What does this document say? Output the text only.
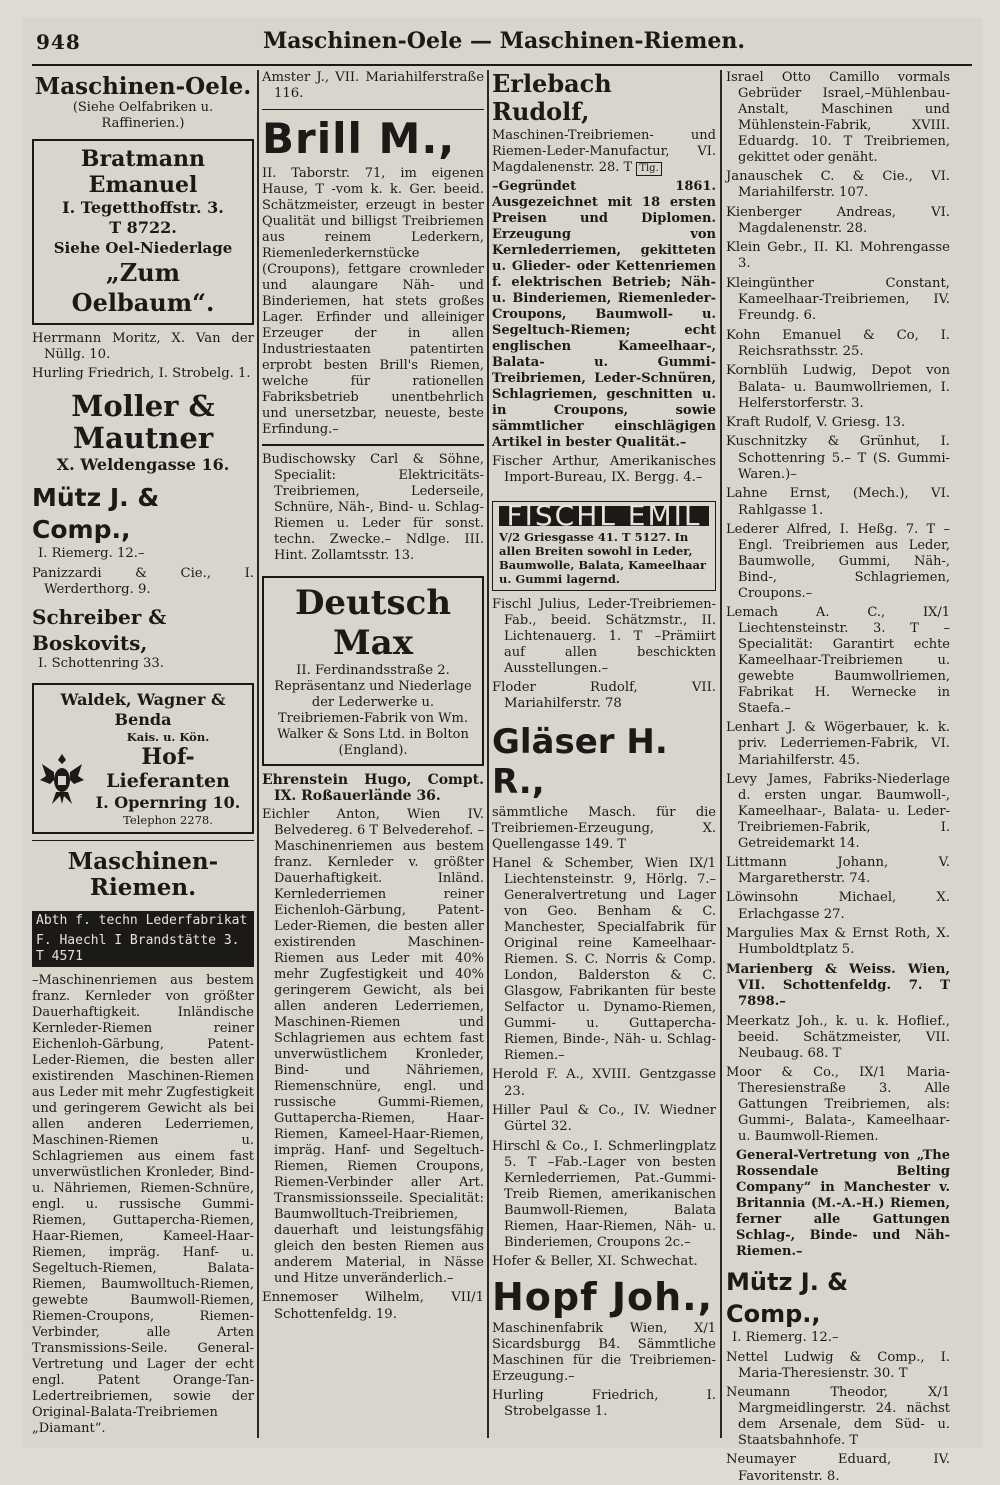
948	Maschinen-Oele — Maschinen-Riemen.
Maschinen-Oele.
(Siehe Oelfabriken u. Raffinerien.)
Bratmann Emanuel
I. Tegetthoffstr. 3.
T 8722.
Siehe Oel-Niederlage
„Zum Oelbaum“.
Herrmann Moritz, X. Van der Nüllg. 10.
Hurling Friedrich, I. Strobelg. 1.
Moller & Mautner
X. Weldengasse 16.
Mütz J. & Comp.,
I. Riemerg. 12.–
Panizzardi & Cie., I. Werderthorg. 9.
Schreiber & Boskovits,
I. Schottenring 33.
Waldek, Wagner & Benda
Kais. u. Kön.
Hof-
Lieferanten
I. Opernring 10.
Telephon 2278.
Maschinen-Riemen.
Abth f. techn Lederfabrikat
F. Haechl I Brandstätte 3. T 4571
–Maschinenriemen aus bestem franz. Kernleder von größter Dauerhaftigkeit. Inländische Kernleder-Riemen reiner Eichenloh-Gärbung, Patent-Leder-Riemen, die besten aller existirenden Maschinen-Riemen aus Leder mit mehr Zugfestigkeit und geringerem Gewicht als bei allen anderen Lederriemen, Maschinen-Riemen u. Schlagriemen aus einem fast unverwüstlichen Kronleder, Bind- u. Nähriemen, Riemen-Schnüre, engl. u. russische Gummi-Riemen, Guttapercha-Riemen, Haar-Riemen, Kameel-Haar-Riemen, impräg. Hanf- u. Segeltuch-Riemen, Balata-Riemen, Baumwolltuch-Riemen, gewebte Baumwoll-Riemen, Riemen-Croupons, Riemen-Verbinder, alle Arten Transmissions-Seile. General-Vertretung und Lager der echt engl. Patent Orange-Tan-Ledertreibriemen, sowie der Original-Balata-Treibriemen „Diamant“.
Amster J., VII. Mariahilferstraße 116.
Brill M.,
II. Taborstr. 71, im eigenen Hause, T -vom k. k. Ger. beeid. Schätzmeister, erzeugt in bester Qualität und billigst Treibriemen aus reinem Lederkern, Riemenlederkernstücke (Croupons), fettgare crownleder und alaungare Näh- und Binderiemen, hat stets großes Lager. Erfinder und alleiniger Erzeuger der in allen Industriestaaten patentirten erprobt besten Brill's Riemen, welche für rationellen Fabriksbetrieb unentbehrlich und unersetzbar, neueste, beste Erfindung.–
Budischowsky Carl & Söhne, Specialit: Elektricitäts-Treibriemen, Lederseile, Schnüre, Näh-, Bind- u. Schlag-Riemen u. Leder für sonst. techn. Zwecke.– Ndlge. III. Hint. Zollamtsstr. 13.
Deutsch Max
II. Ferdinandsstraße 2.
Repräsentanz und Niederlage der Lederwerke u. Treibriemen-Fabrik von Wm. Walker & Sons Ltd. in Bolton (England).
Ehrenstein Hugo, Compt. IX. Roßauerlände 36.
Eichler Anton, Wien IV. Belvedereg. 6 T Belvederehof. –Maschinenriemen aus bestem franz. Kernleder v. größter Dauerhaftigkeit. Inländ. Kernlederriemen reiner Eichenloh-Gärbung, Patent-Leder-Riemen, die besten aller existirenden Maschinen-Riemen aus Leder mit 40% mehr Zugfestigkeit und 40% geringerem Gewicht, als bei allen anderen Lederriemen, Maschinen-Riemen und Schlagriemen aus echtem fast unverwüstlichem Kronleder, Bind- und Nähriemen, Riemenschnüre, engl. und russische Gummi-Riemen, Guttapercha-Riemen, Haar-Riemen, Kameel-Haar-Riemen, impräg. Hanf- und Segeltuch-Riemen, Riemen Croupons, Riemen-Verbinder aller Art. Transmissionsseile. Specialität: Baumwolltuch-Treibriemen, dauerhaft und leistungsfähig gleich den besten Riemen aus anderem Material, in Nässe und Hitze unveränderlich.–
Ennemoser Wilhelm, VII/1 Schottenfeldg. 19.
Erlebach Rudolf,
Maschinen-Treibriemen- und Riemen-Leder-Manufactur, VI. Magdalenenstr. 28. T Tlg.
–Gegründet 1861. Ausgezeichnet mit 18 ersten Preisen und Diplomen. Erzeugung von Kernlederriemen, gekitteten u. Glieder- oder Kettenriemen f. elektrischen Betrieb; Näh- u. Binderiemen, Riemenleder-Croupons, Baumwoll- u. Segeltuch-Riemen; echt englischen Kameelhaar-, Balata- u. Gummi-Treibriemen, Leder-Schnüren, Schlagriemen, geschnitten u. in Croupons, sowie sämmtlicher einschlägigen Artikel in bester Qualität.–
Fischer Arthur, Amerikanisches Import-Bureau, IX. Bergg. 4.–
FISCHL EMIL
V/2 Griesgasse 41. T 5127. In allen Breiten sowohl in Leder, Baumwolle, Balata, Kameelhaar u. Gummi lagernd.
Fischl Julius, Leder-Treibriemen-Fab., beeid. Schätzmstr., II. Lichtenauerg. 1. T –Prämiirt auf allen beschickten Ausstellungen.–
Floder Rudolf, VII. Mariahilferstr. 78
Gläser H. R.,
sämmtliche Masch. für die Treibriemen-Erzeugung, X. Quellengasse 149. T
Hanel & Schember, Wien IX/1 Liechtensteinstr. 9, Hörlg. 7.–Generalvertretung und Lager von Geo. Benham & C. Manchester, Specialfabrik für Original reine Kameelhaar-Riemen. S. C. Norris & Comp. London, Balderston & C. Glasgow, Fabrikanten für beste Selfactor u. Dynamo-Riemen, Gummi- u. Guttapercha-Riemen, Binde-, Näh- u. Schlag-Riemen.–
Herold F. A., XVIII. Gentzgasse 23.
Hiller Paul & Co., IV. Wiedner Gürtel 32.
Hirschl & Co., I. Schmerlingplatz 5. T –Fab.-Lager von besten Kernlederriemen, Pat.-Gummi-Treib Riemen, amerikanischen Baumwoll-Riemen, Balata Riemen, Haar-Riemen, Näh- u. Binderiemen, Croupons 2c.–
Hofer & Beller, XI. Schwechat.
Hopf Joh.,
Maschinenfabrik Wien, X/1 Sicardsburgg B4. Sämmtliche Maschinen für die Treibriemen-Erzeugung.–
Hurling Friedrich, I. Strobelgasse 1.
Israel Otto Camillo vormals Gebrüder Israel,–Mühlenbau-Anstalt, Maschinen und Mühlenstein-Fabrik, XVIII. Eduardg. 10. T Treibriemen, gekittet oder genäht.
Janauschek C. & Cie., VI. Mariahilferstr. 107.
Kienberger Andreas, VI. Magdalenenstr. 28.
Klein Gebr., II. Kl. Mohrengasse 3.
Kleingünther Constant, Kameelhaar-Treibriemen, IV. Freundg. 6.
Kohn Emanuel & Co, I. Reichsrathsstr. 25.
Kornblüh Ludwig, Depot von Balata- u. Baumwollriemen, I. Helferstorferstr. 3.
Kraft Rudolf, V. Griesg. 13.
Kuschnitzky & Grünhut, I. Schottenring 5.– T (S. Gummi-Waren.)–
Lahne Ernst, (Mech.), VI. Rahlgasse 1.
Lederer Alfred, I. Heßg. 7. T –Engl. Treibriemen aus Leder, Baumwolle, Gummi, Näh-, Bind-, Schlagriemen, Croupons.–
Lemach A. C., IX/1 Liechtensteinstr. 3. T –Specialität: Garantirt echte Kameelhaar-Treibriemen u. gewebte Baumwollriemen, Fabrikat H. Wernecke in Staefa.–
Lenhart J. & Wögerbauer, k. k. priv. Lederriemen-Fabrik, VI. Mariahilferstr. 45.
Levy James, Fabriks-Niederlage d. ersten ungar. Baumwoll-, Kameelhaar-, Balata- u. Leder-Treibriemen-Fabrik, I. Getreidemarkt 14.
Littmann Johann, V. Margaretherstr. 74.
Löwinsohn Michael, X. Erlachgasse 27.
Margulies Max & Ernst Roth, X. Humboldtplatz 5.
Marienberg & Weiss. Wien, VII. Schottenfeldg. 7. T 7898.–
Meerkatz Joh., k. u. k. Hoflief., beeid. Schätzmeister, VII. Neubaug. 68. T
Moor & Co., IX/1 Maria-Theresienstraße 3. Alle Gattungen Treibriemen, als: Gummi-, Balata-, Kameelhaar- u. Baumwoll-Riemen.
General-Vertretung von „The Rossendale Belting Company“ in Manchester v. Britannia (M.-A.-H.) Riemen, ferner alle Gattungen Schlag-, Binde- und Näh-Riemen.–
Mütz J. & Comp.,
I. Riemerg. 12.–
Nettel Ludwig & Comp., I. Maria-Theresienstr. 30. T
Neumann Theodor, X/1 Margmeidlingerstr. 24. nächst dem Arsenale, dem Süd- u. Staatsbahnhofe. T
Neumayer Eduard, IV. Favoritenstr. 8.
